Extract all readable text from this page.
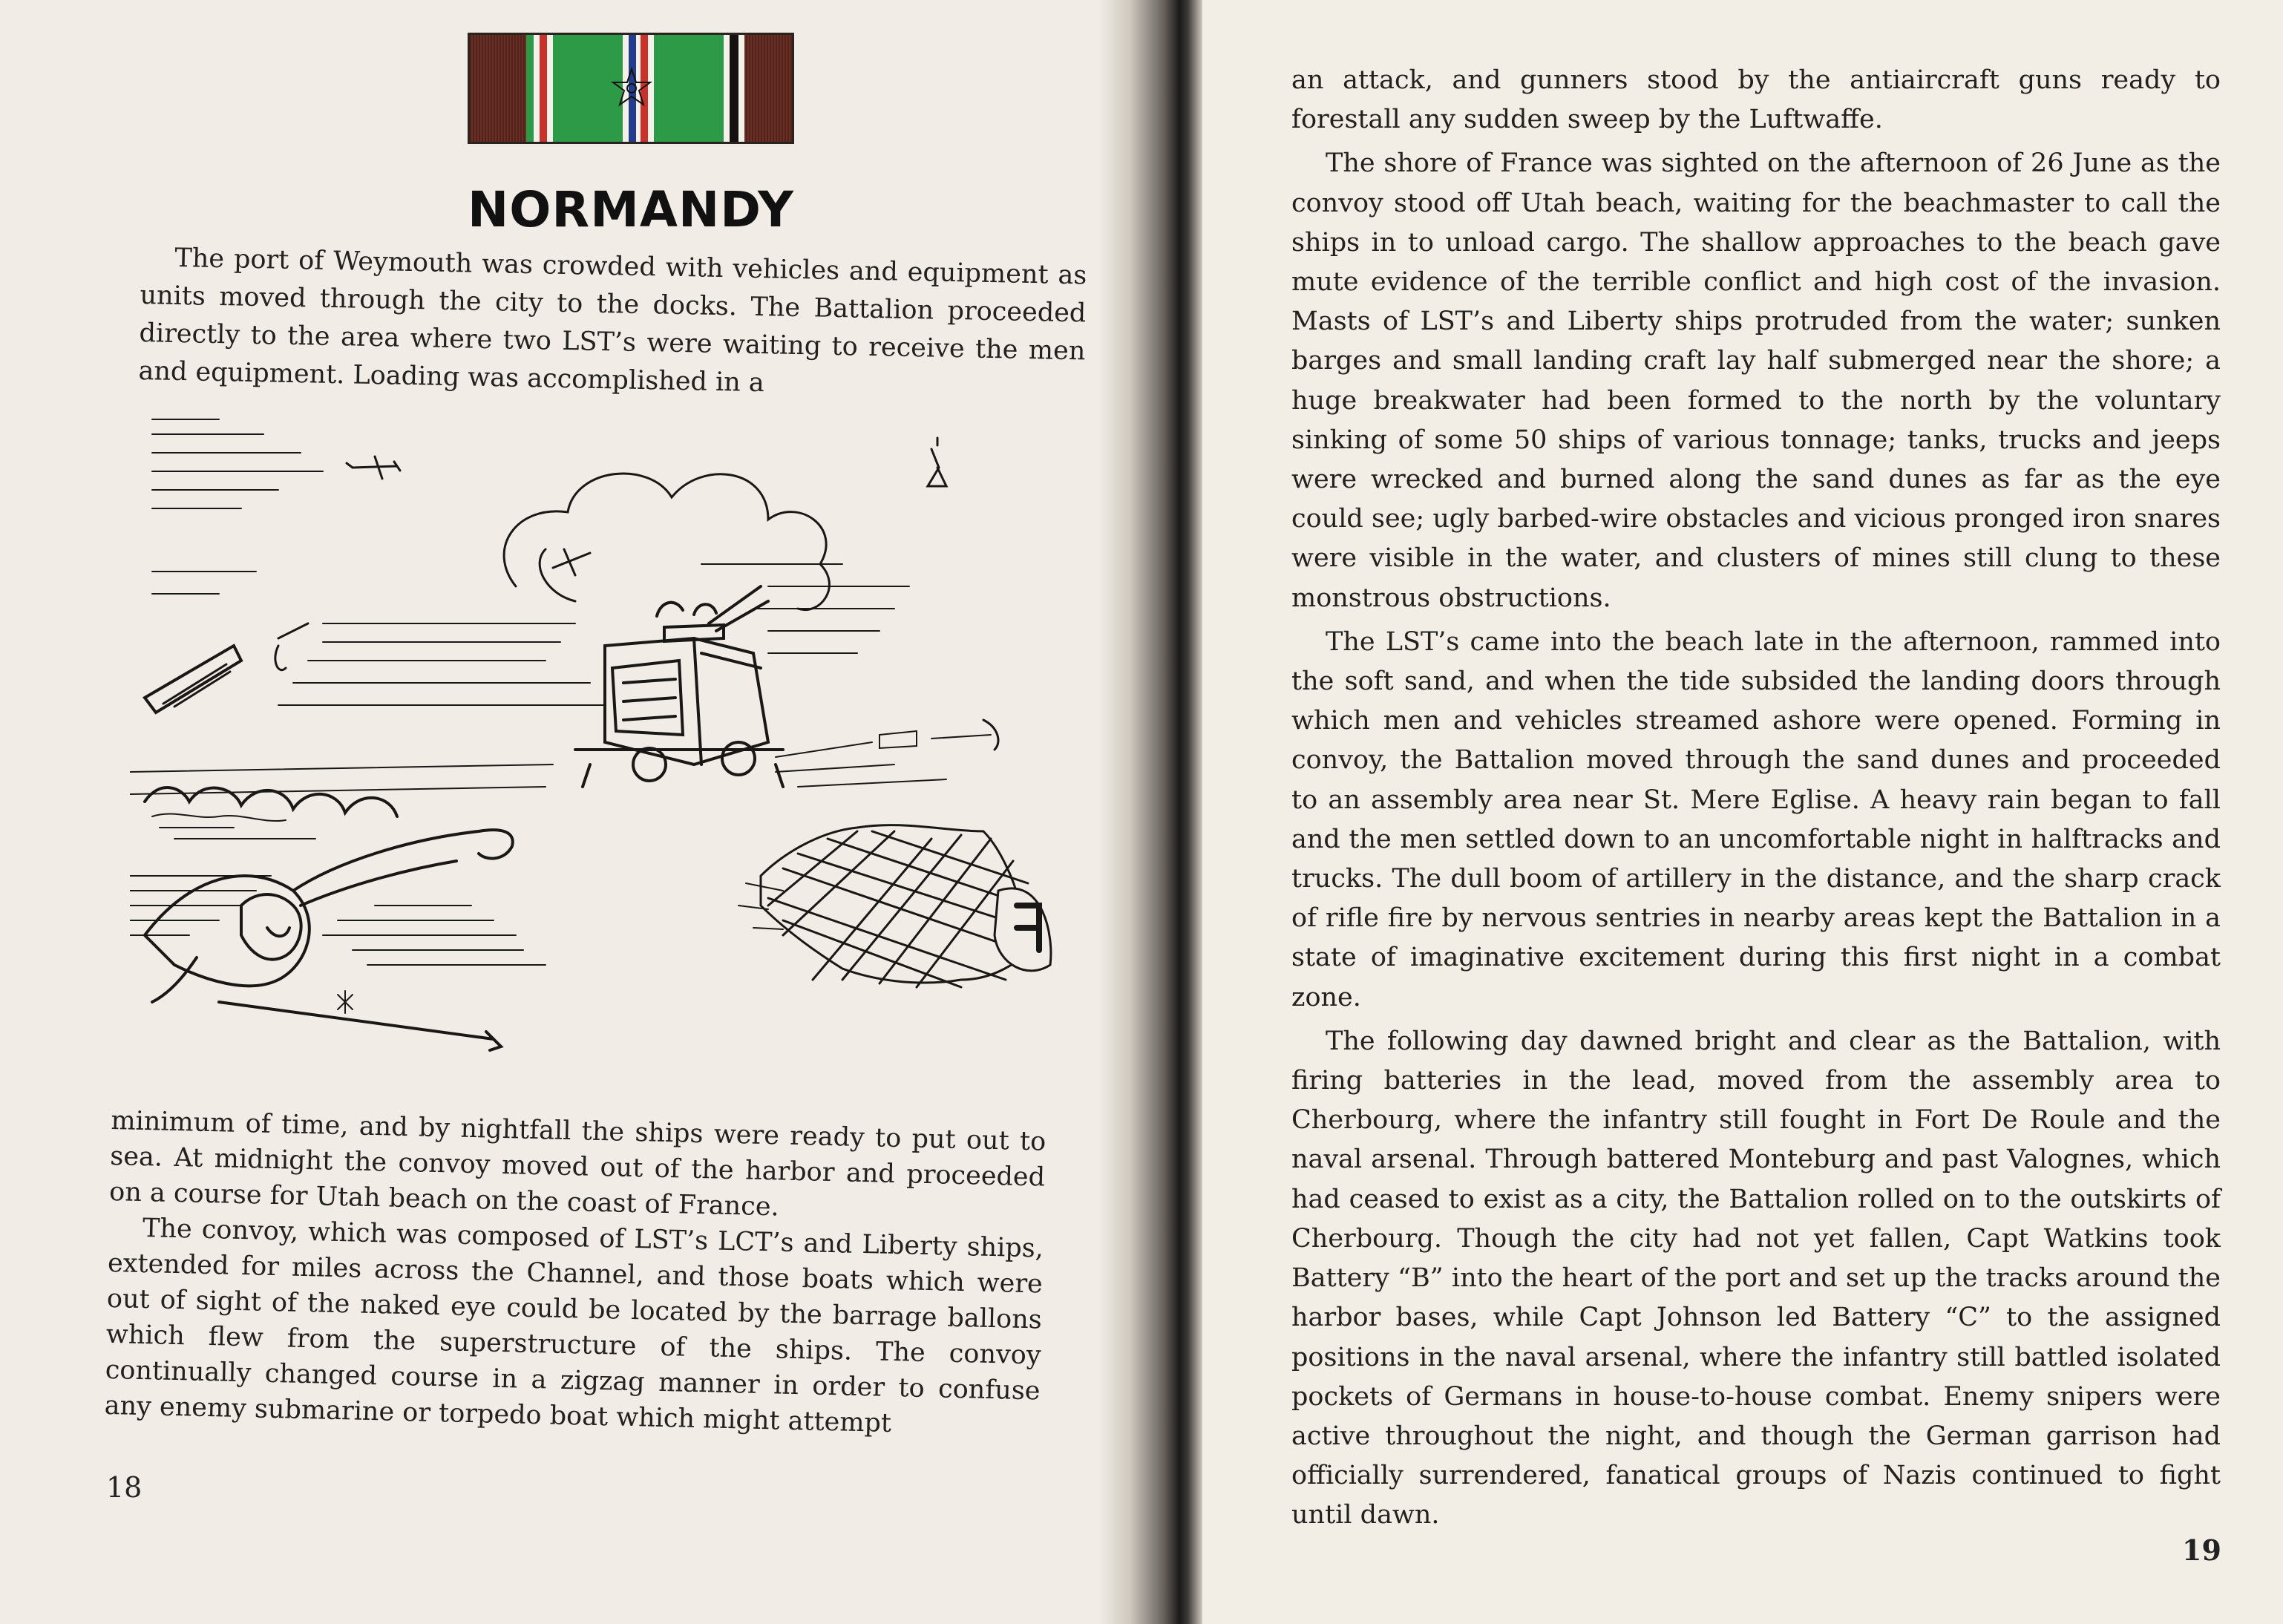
NORMANDY

The port of Weymouth was crowded with vehicles and equipment as units moved through the city to the docks. The Battalion proceeded directly to the area where two LST’s were waiting to receive the men and equipment. Loading was accomplished in a

minimum of time, and by nightfall the ships were ready to put out to sea. At midnight the convoy moved out of the harbor and proceeded on a course for Utah beach on the coast of France.

The convoy, which was composed of LST’s LCT’s and Liberty ships, extended for miles across the Channel, and those boats which were out of sight of the naked eye could be located by the barrage ballons which flew from the superstructure of the ships. The convoy continually changed course in a zigzag manner in order to confuse any enemy submarine or torpedo boat which might attempt

18

an attack, and gunners stood by the antiaircraft guns ready to forestall any sudden sweep by the Luftwaffe.

The shore of France was sighted on the afternoon of 26 June as the convoy stood off Utah beach, waiting for the beachmaster to call the ships in to unload cargo. The shallow approaches to the beach gave mute evidence of the terrible conflict and high cost of the invasion. Masts of LST’s and Liberty ships protruded from the water; sunken barges and small landing craft lay half submerged near the shore; a huge breakwater had been formed to the north by the voluntary sinking of some 50 ships of various tonnage; tanks, trucks and jeeps were wrecked and burned along the sand dunes as far as the eye could see; ugly barbed-wire obstacles and vicious pronged iron snares were visible in the water, and clusters of mines still clung to these monstrous obstructions.

The LST’s came into the beach late in the afternoon, rammed into the soft sand, and when the tide subsided the landing doors through which men and vehicles streamed ashore were opened. Forming in convoy, the Battalion moved through the sand dunes and proceeded to an assembly area near St. Mere Eglise. A heavy rain began to fall and the men settled down to an uncomfortable night in halftracks and trucks. The dull boom of artillery in the distance, and the sharp crack of rifle fire by nervous sentries in nearby areas kept the Battalion in a state of imaginative excitement during this first night in a combat zone.

The following day dawned bright and clear as the Battalion, with firing batteries in the lead, moved from the assembly area to Cherbourg, where the infantry still fought in Fort De Roule and the naval arsenal. Through battered Monteburg and past Valognes, which had ceased to exist as a city, the Battalion rolled on to the outskirts of Cherbourg. Though the city had not yet fallen, Capt Watkins took Battery “B” into the heart of the port and set up the tracks around the harbor bases, while Capt Johnson led Battery “C” to the assigned positions in the naval arsenal, where the infantry still battled isolated pockets of Germans in house-to-house combat. Enemy snipers were active throughout the night, and though the German garrison had officially surrendered, fanatical groups of Nazis continued to fight until dawn.

19
